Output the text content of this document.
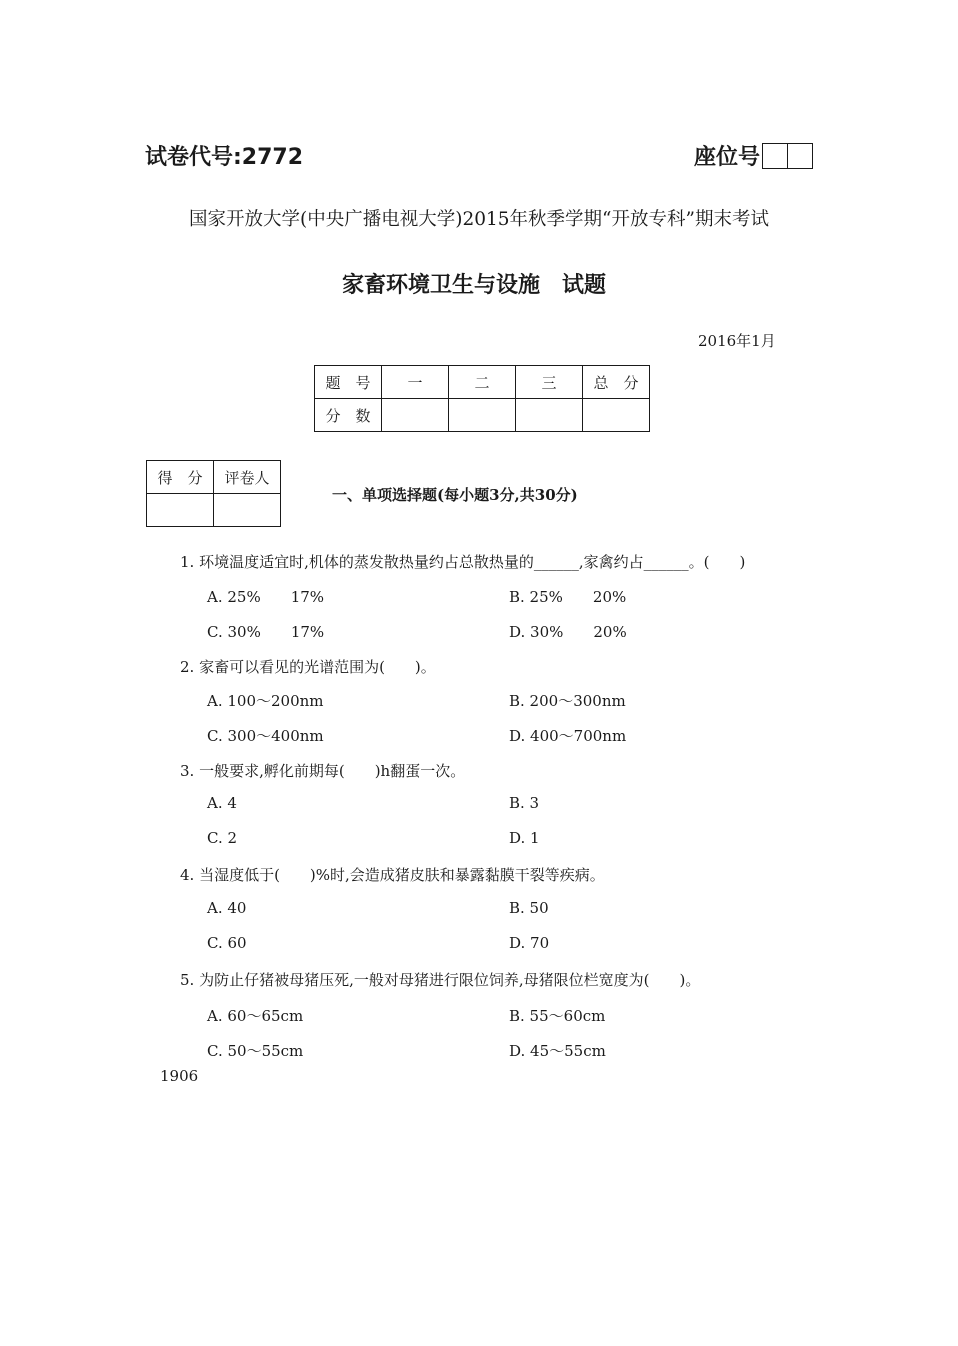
试卷代号:2772	座位号
国家开放大学(中央广播电视大学)2015年秋季学期“开放专科”期末考试
家畜环境卫生与设施　试题
2016年1月
题　号	一	二	三	总　分
分　数				
得　分	评卷人

一、单项选择题(每小题3分,共30分)
1. 环境温度适宜时,机体的蒸发散热量约占总散热量的______,家禽约占______。(　　)
A. 25%　　17%	B. 25%　　20%
C. 30%　　17%	D. 30%　　20%
2. 家畜可以看见的光谱范围为(　　)。
A. 100～200nm	B. 200～300nm
C. 300～400nm	D. 400～700nm
3. 一般要求,孵化前期每(　　)h翻蛋一次。
A. 4	B. 3
C. 2	D. 1
4. 当湿度低于(　　)%时,会造成猪皮肤和暴露黏膜干裂等疾病。
A. 40	B. 50
C. 60	D. 70
5. 为防止仔猪被母猪压死,一般对母猪进行限位饲养,母猪限位栏宽度为(　　)。
A. 60～65cm	B. 55～60cm
C. 50～55cm	D. 45～55cm
1906
